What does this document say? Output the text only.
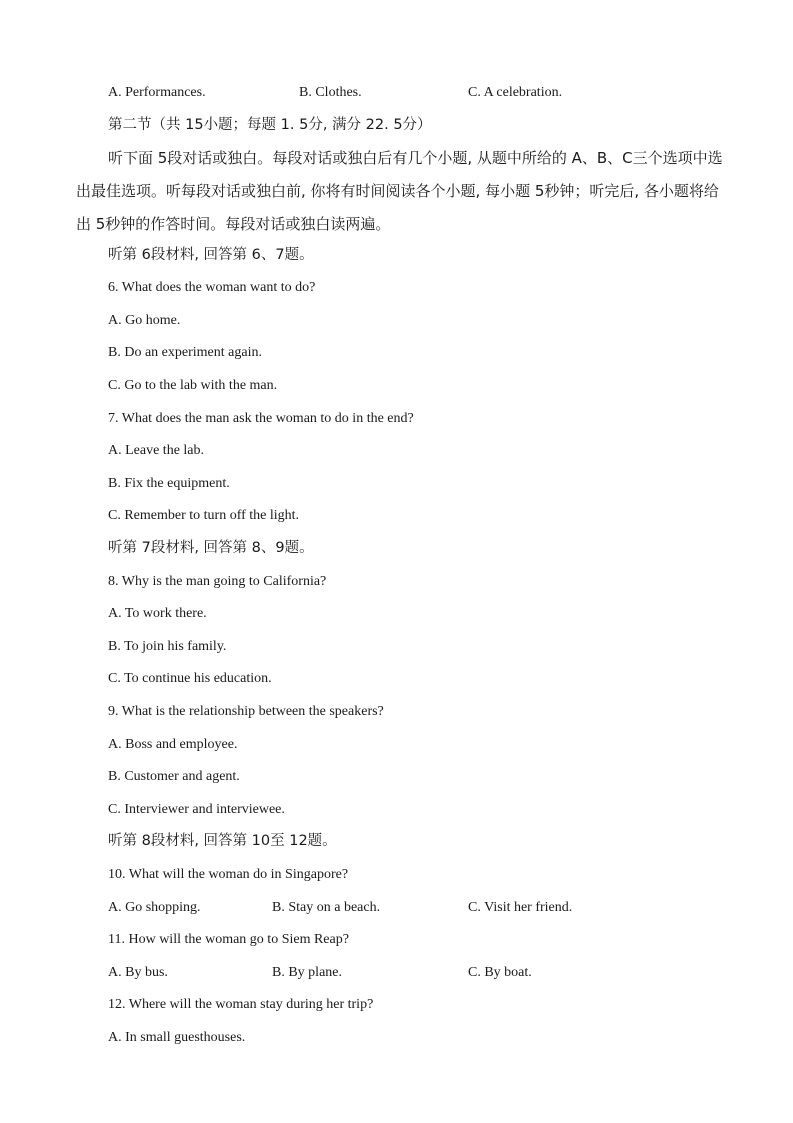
A. Performances.	B. Clothes.	C. A celebration.
第二节（共 15小题；每题 1. 5分, 满分 22. 5分）
听下面 5段对话或独白。每段对话或独白后有几个小题, 从题中所给的 A、B、C三个选项中选出最佳选项。听每段对话或独白前, 你将有时间阅读各个小题, 每小题 5秒钟；听完后, 各小题将给出 5秒钟的作答时间。每段对话或独白读两遍。
听第 6段材料, 回答第 6、7题。
6. What does the woman want to do?
A. Go home.
B. Do an experiment again.
C. Go to the lab with the man.
7. What does the man ask the woman to do in the end?
A. Leave the lab.
B. Fix the equipment.
C. Remember to turn off the light.
听第 7段材料, 回答第 8、9题。
8. Why is the man going to California?
A. To work there.
B. To join his family.
C. To continue his education.
9. What is the relationship between the speakers?
A. Boss and employee.
B. Customer and agent.
C. Interviewer and interviewee.
听第 8段材料, 回答第 10至 12题。
10. What will the woman do in Singapore?
A. Go shopping.	B. Stay on a beach.	C. Visit her friend.
11. How will the woman go to Siem Reap?
A. By bus.	B. By plane.	C. By boat.
12. Where will the woman stay during her trip?
A. In small guesthouses.
